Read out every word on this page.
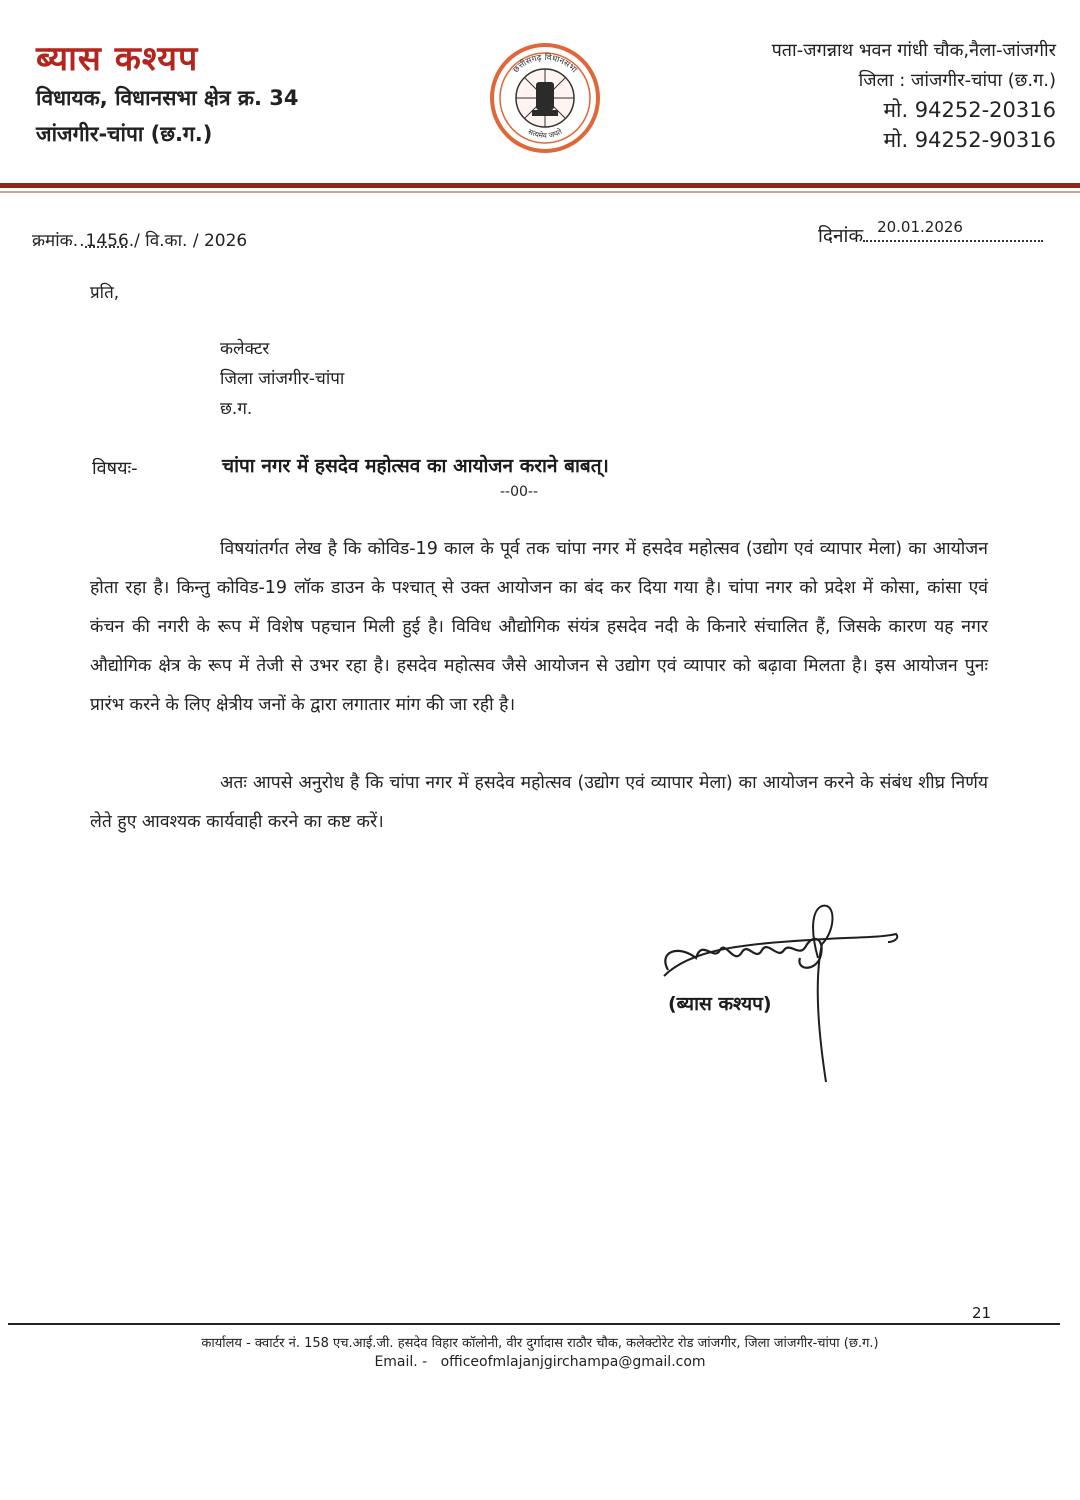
ब्यास कश्यप
विधायक, विधानसभा क्षेत्र क्र. 34
जांजगीर-चांपा (छ.ग.)
छत्तीसगढ़ विधानसभा
सत्यमेव जयते
पता-जगन्नाथ भवन गांधी चौक,नैला-जांजगीर
जिला : जांजगीर-चांपा (छ.ग.)
मो. 94252-20316
मो. 94252-90316
क्रमांक..1456./ वि.का. / 2026	दिनांक 20.01.2026
प्रति,
कलेक्टर
जिला जांजगीर-चांपा
छ.ग.
विषयः-	चांपा नगर में हसदेव महोत्सव का आयोजन कराने बाबत्।
--00--
विषयांतर्गत लेख है कि कोविड-19 काल के पूर्व तक चांपा नगर में हसदेव महोत्सव (उद्योग एवं व्यापार मेला) का आयोजन होता रहा है। किन्तु कोविड-19 लॉक डाउन के पश्चात् से उक्त आयोजन का बंद कर दिया गया है। चांपा नगर को प्रदेश में कोसा, कांसा एवं कंचन की नगरी के रूप में विशेष पहचान मिली हुई है। विविध औद्योगिक संयंत्र हसदेव नदी के किनारे संचालित हैं, जिसके कारण यह नगर औद्योगिक क्षेत्र के रूप में तेजी से उभर रहा है। हसदेव महोत्सव जैसे आयोजन से उद्योग एवं व्यापार को बढ़ावा मिलता है। इस आयोजन पुनः प्रारंभ करने के लिए क्षेत्रीय जनों के द्वारा लगातार मांग की जा रही है।
अतः आपसे अनुरोध है कि चांपा नगर में हसदेव महोत्सव (उद्योग एवं व्यापार मेला) का आयोजन करने के संबंध शीघ्र निर्णय लेते हुए आवश्यक कार्यवाही करने का कष्ट करें।
(ब्यास कश्यप)
21
कार्यालय - क्वार्टर नं. 158 एच.आई.जी. हसदेव विहार कॉलोनी, वीर दुर्गादास राठौर चौक, कलेक्टोरेट रोड जांजगीर, जिला जांजगीर-चांपा (छ.ग.)
Email. - officeofmlajanjgirchampa@gmail.com
